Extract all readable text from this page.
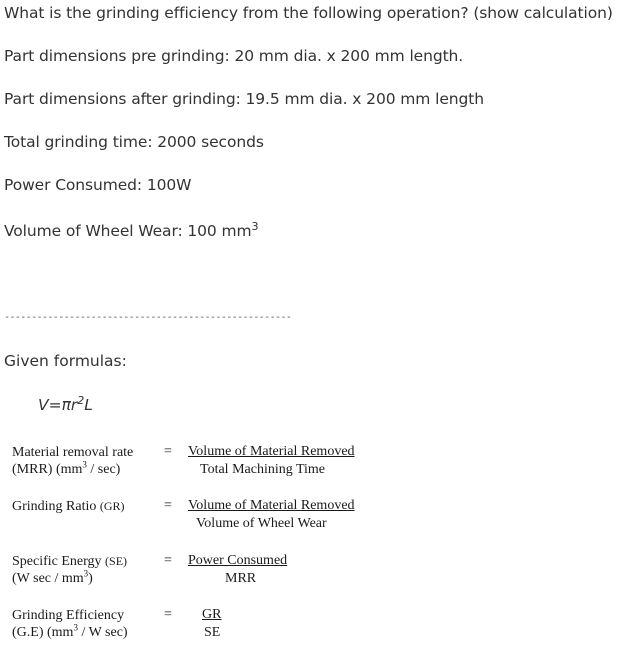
What is the grinding efficiency from the following operation? (show calculation)
Part dimensions pre grinding: 20 mm dia. x 200 mm length.
Part dimensions after grinding: 19.5 mm dia. x 200 mm length
Total grinding time: 2000 seconds
Power Consumed: 100W
Volume of Wheel Wear: 100 $mm^3$
-----------------------------------------------------
Given formulas:
$V=\pi r^2L$
Material removal rate
(MRR) $(mm^3 / \sec)$
= Volume of Material Removed
Total Machining Time
Grinding Ratio (GR)	= Volume of Material Removed
Volume of Wheel Wear
Specific Energy (SE)
(W sec / $mm^3$)
= Power Consumed
MRR
Grinding Efficiency
(G.E) ($mm^3$ / W sec)
= GR
SE
